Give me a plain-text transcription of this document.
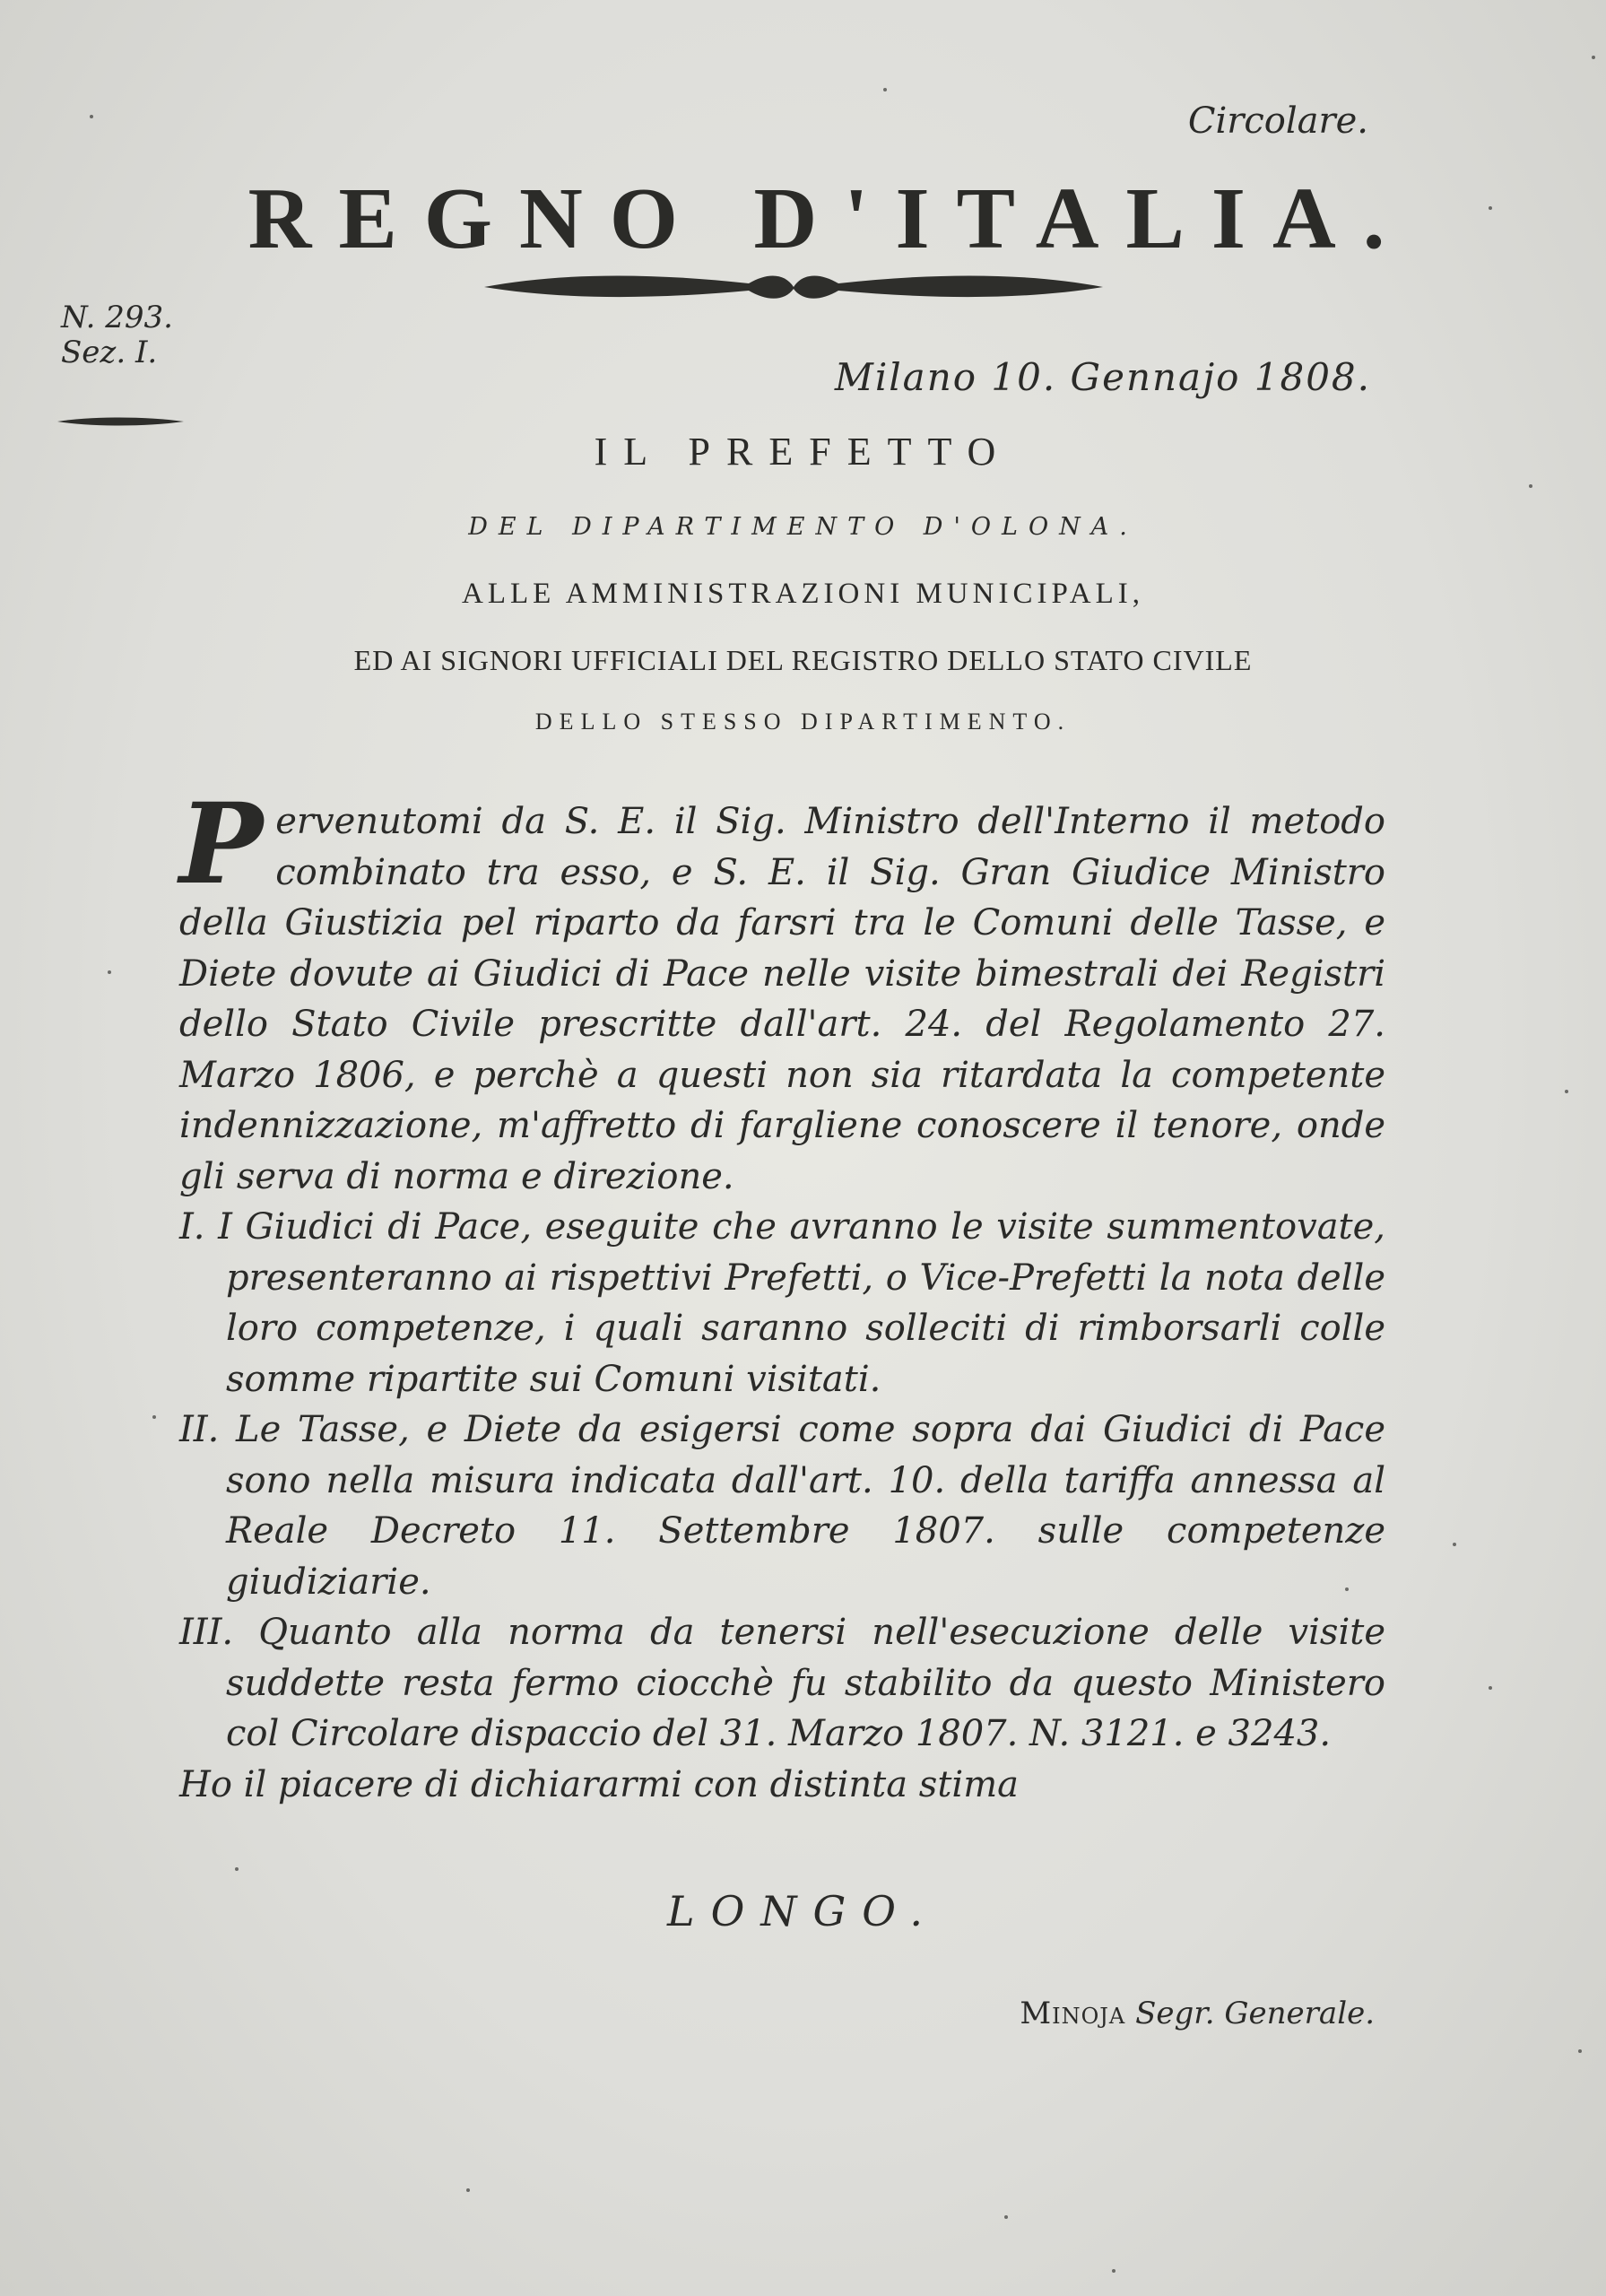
Circolare.
REGNO D'ITALIA.
N. 293.
Sez. I.
Milano 10. Gennajo 1808.
IL PREFETTO
DEL DIPARTIMENTO D'OLONA.
ALLE AMMINISTRAZIONI MUNICIPALI,
ED AI SIGNORI UFFICIALI DEL REGISTRO DELLO STATO CIVILE
DELLO STESSO DIPARTIMENTO.

Pervenutomi da S. E. il Sig. Ministro dell'Interno il metodo combinato tra esso, e S. E. il Sig. Gran Giudice Ministro della Giustizia pel riparto da farsri tra le Comuni delle Tasse, e Diete dovute ai Giudici di Pace nelle visite bimestrali dei Registri dello Stato Civile prescritte dall'art. 24. del Regolamento 27. Marzo 1806, e perchè a questi non sia ritardata la competente indennizzazione, m'affretto di fargliene conoscere il tenore, onde gli serva di norma e direzione.

I. I Giudici di Pace, eseguite che avranno le visite summentovate, presenteranno ai rispettivi Prefetti, o Vice-Prefetti la nota delle loro competenze, i quali saranno solleciti di rimborsarli colle somme ripartite sui Comuni visitati.

II. Le Tasse, e Diete da esigersi come sopra dai Giudici di Pace sono nella misura indicata dall'art. 10. della tariffa annessa al Reale Decreto 11. Settembre 1807. sulle competenze giudiziarie.

III. Quanto alla norma da tenersi nell'esecuzione delle visite suddette resta fermo ciocchè fu stabilito da questo Ministero col Circolare dispaccio del 31. Marzo 1807. N. 3121. e 3243.

Ho il piacere di dichiararmi con distinta stima

LONGO.
Minoja Segr. Generale.
